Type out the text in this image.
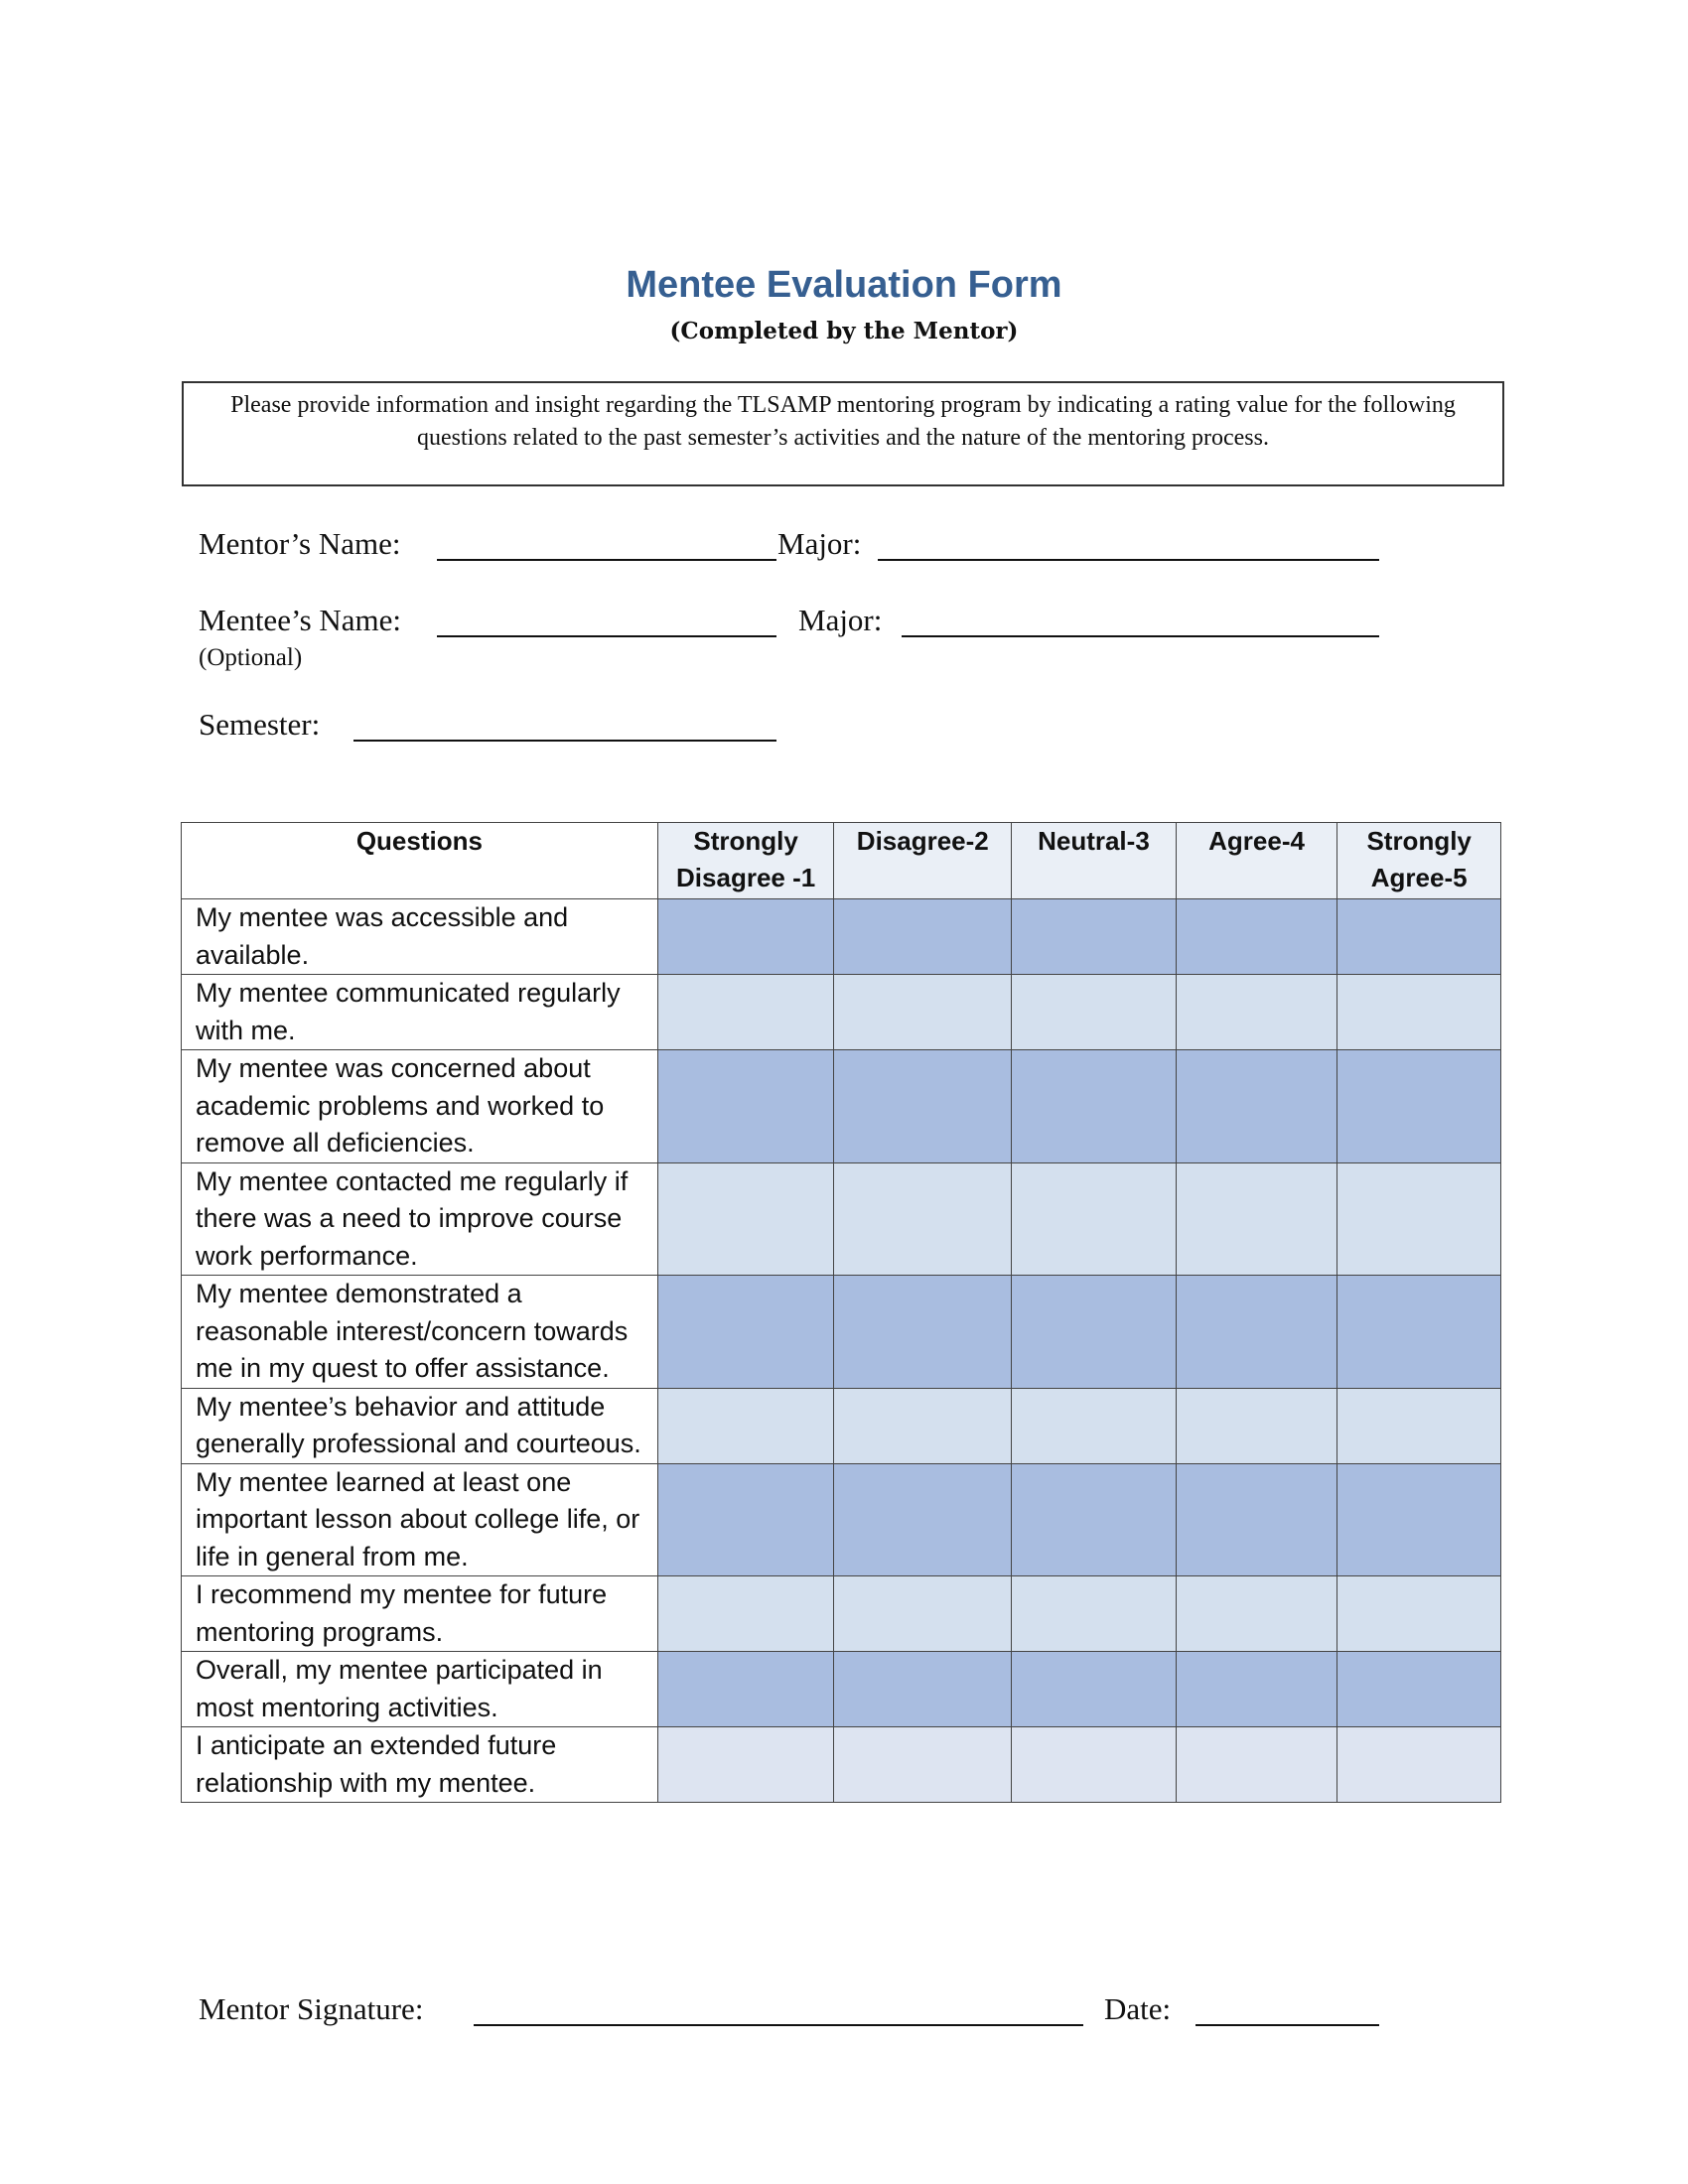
Mentee Evaluation Form
(Completed by the Mentor)
Please provide information and insight regarding the TLSAMP mentoring program by indicating a rating value for the following questions related to the past semester’s activities and the nature of the mentoring process.
Mentor’s Name:	Major:
Mentee’s Name:
(Optional)
Major:
Semester:
Questions	Strongly Disagree -1	Disagree-2	Neutral-3	Agree-4	Strongly Agree-5
My mentee was accessible and available.					
My mentee communicated regularly with me.					
My mentee was concerned about academic problems and worked to remove all deficiencies.					
My mentee contacted me regularly if there was a need to improve course work performance.					
My mentee demonstrated a reasonable interest/concern towards me in my quest to offer assistance.					
My mentee’s behavior and attitude generally professional and courteous.					
My mentee learned at least one important lesson about college life, or life in general from me.					
I recommend my mentee for future mentoring programs.					
Overall, my mentee participated in most mentoring activities.					
I anticipate an extended future relationship with my mentee.					
Mentor Signature:	Date:
